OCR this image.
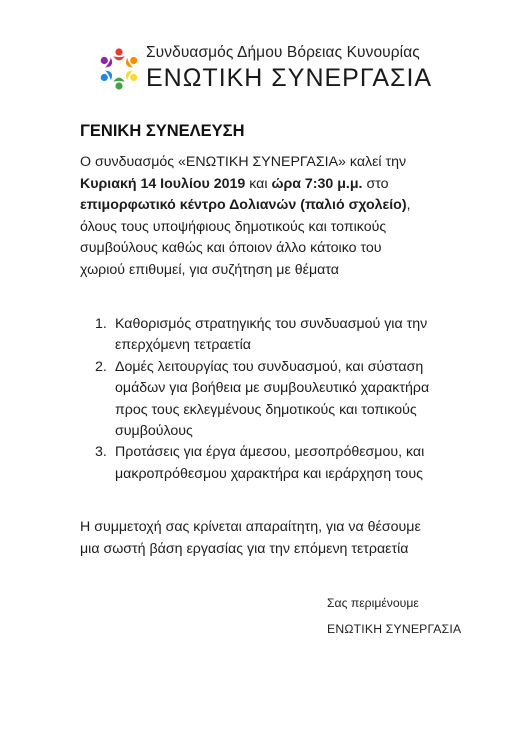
Συνδυασμός Δήμου Βόρειας Κυνουρίας
ΕΝΩΤΙΚΗ ΣΥΝΕΡΓΑΣΙΑ
ΓΕΝΙΚΗ ΣΥΝΕΛΕΥΣΗ
Ο συνδυασμός «ΕΝΩΤΙΚΗ ΣΥΝΕΡΓΑΣΙΑ» καλεί την
Κυριακή 14 Ιουλίου 2019 και ώρα 7:30 μ.μ. στο
επιμορφωτικό κέντρο Δολιανών (παλιό σχολείο),
όλους τους υποψήφιους δημοτικούς και τοπικούς
συμβούλους καθώς και όποιον άλλο κάτοικο του
χωριού επιθυμεί, για συζήτηση με θέματα
1. Καθορισμός στρατηγικής του συνδυασμού για την
επερχόμενη τετραετία
2. Δομές λειτουργίας του συνδυασμού, και σύσταση
ομάδων για βοήθεια με συμβουλευτικό χαρακτήρα
προς τους εκλεγμένους δημοτικούς και τοπικούς
συμβούλους
3. Προτάσεις για έργα άμεσου, μεσοπρόθεσμου, και
μακροπρόθεσμου χαρακτήρα και ιεράρχηση τους
Η συμμετοχή σας κρίνεται απαραίτητη, για να θέσουμε
μια σωστή βάση εργασίας για την επόμενη τετραετία
Σας περιμένουμε
ΕΝΩΤΙΚΗ ΣΥΝΕΡΓΑΣΙΑ
